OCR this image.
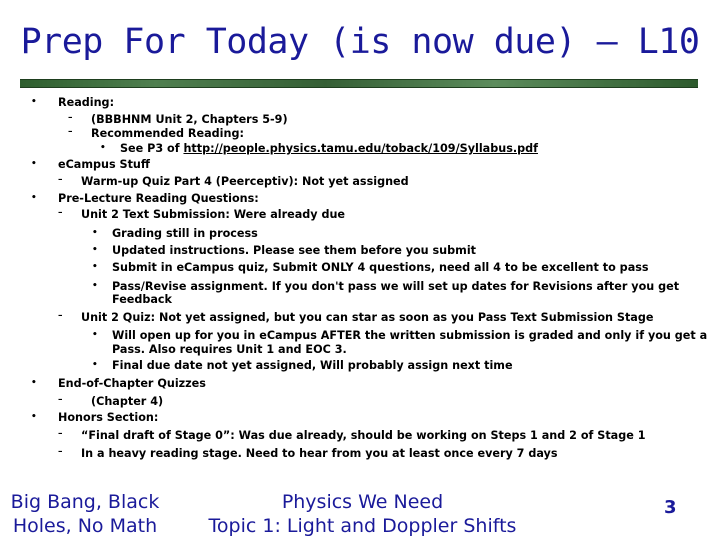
Prep For Today (is now due) – L10
• Reading:
– (BBBHNM Unit 2, Chapters 5-9)
– Recommended Reading:
• See P3 of http://people.physics.tamu.edu/toback/109/Syllabus.pdf
• eCampus Stuff
– Warm-up Quiz Part 4 (Peerceptiv): Not yet assigned
• Pre-Lecture Reading Questions:
– Unit 2 Text Submission: Were already due
• Grading still in process
• Updated instructions. Please see them before you submit
• Submit in eCampus quiz, Submit ONLY 4 questions, need all 4 to be excellent to pass
• Pass/Revise assignment. If you don't pass we will set up dates for Revisions after you get
Feedback
– Unit 2 Quiz: Not yet assigned, but you can star as soon as you Pass Text Submission Stage
• Will open up for you in eCampus AFTER the written submission is graded and only if you get a
Pass. Also requires Unit 1 and EOC 3.
• Final due date not yet assigned, Will probably assign next time
• End-of-Chapter Quizzes
–	(Chapter 4)
• Honors Section:
– “Final draft of Stage 0”: Was due already, should be working on Steps 1 and 2 of Stage 1
– In a heavy reading stage. Need to hear from you at least once every 7 days
Big Bang, Black
Holes, No Math
Physics We Need
Topic 1: Light and Doppler Shifts
3
